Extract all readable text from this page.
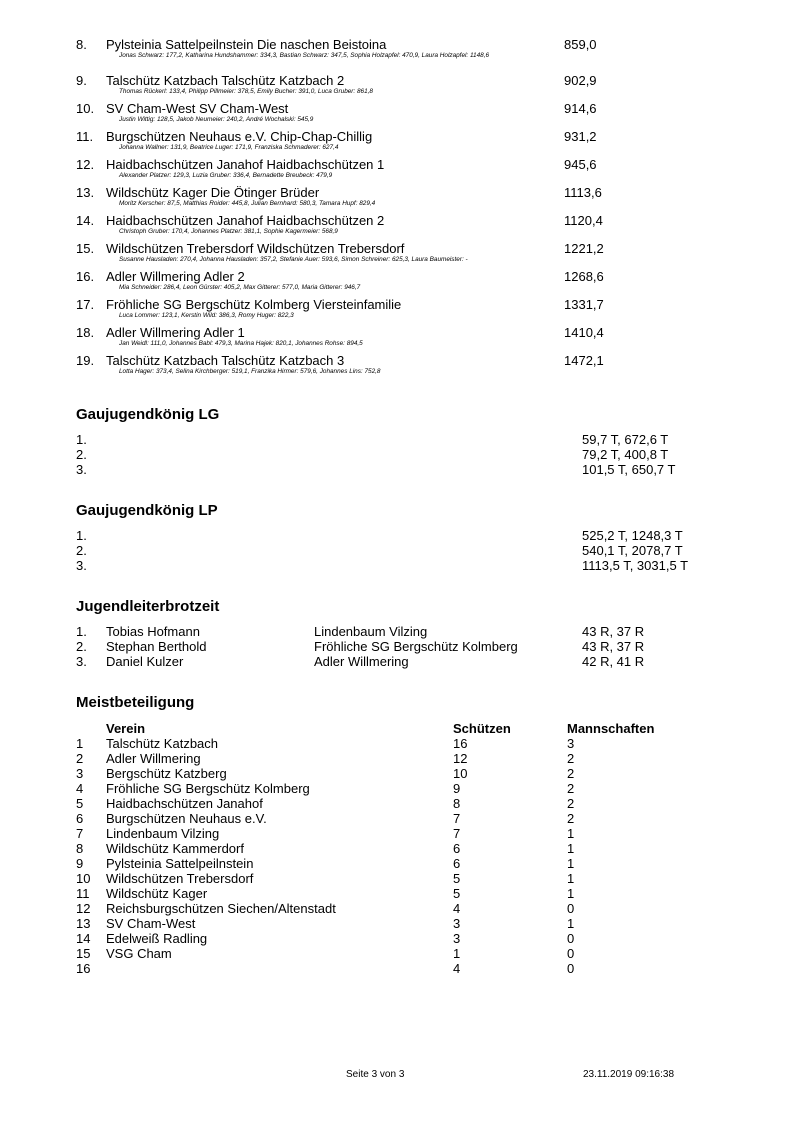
8. Pylsteinia Sattelpeilnstein Die naschen Beistoina	859,0
Jonas Schwarz: 177,2, Katharina Hundshammer: 334,3, Bastian Schwarz: 347,5, Sophia Holzapfel: 470,9, Laura Holzapfel: 1148,6
9. Talschütz Katzbach Talschütz Katzbach 2	902,9
Thomas Rückerl: 133,4, Philipp Pillmeier: 378,5, Emily Bucher: 391,0, Luca Gruber: 861,8
10. SV Cham-West SV Cham-West	914,6
Justin Wittig: 128,5, Jakob Neumeier: 240,2, André Wochalski: 545,9
11. Burgschützen Neuhaus e.V. Chip-Chap-Chillig	931,2
Johanna Wallner: 131,9, Beatrice Luger: 171,9, Franziska Schmaderer: 627,4
12. Haidbachschützen Janahof Haidbachschützen 1	945,6
Alexander Platzer: 129,3, Luzia Gruber: 336,4, Bernadette Breubeck: 479,9
13. Wildschütz Kager Die Ötinger Brüder	1113,6
Moritz Kerscher: 87,5, Matthias Roider: 445,8, Julian Bernhard: 580,3, Tamara Hupf: 829,4
14. Haidbachschützen Janahof Haidbachschützen 2	1120,4
Christoph Gruber: 170,4, Johannes Platzer: 381,1, Sophie Kagermeier: 568,9
15. Wildschützen Trebersdorf Wildschützen Trebersdorf	1221,2
Susanne Hausladen: 270,4, Johanna Hausladen: 357,2, Stefanie Auer: 593,6, Simon Schreiner: 625,3, Laura Baumeister: -
16. Adler Willmering Adler 2	1268,6
Mia Schneider: 286,4, Leon Gürster: 405,2, Max Gitterer: 577,0, Maria Gitterer: 946,7
17. Fröhliche SG Bergschütz Kolmberg Viersteinfamilie	1331,7
Luca Lommer: 123,1, Kerstin Wild: 386,3, Romy Huger: 822,3
18. Adler Willmering Adler 1	1410,4
Jan Weidl: 111,0, Johannes Babl: 479,3, Marina Hajek: 820,1, Johannes Rohse: 894,5
19. Talschütz Katzbach Talschütz Katzbach 3	1472,1
Lotta Hager: 373,4, Selina Kirchberger: 519,1, Franzika Hirmer: 579,6, Johannes Lins: 752,8
Gaujugendkönig LG
1.	59,7 T, 672,6 T
2.	79,2 T, 400,8 T
3.	101,5 T, 650,7 T
Gaujugendkönig LP
1.	525,2 T, 1248,3 T
2.	540,1 T, 2078,7 T
3.	1113,5 T, 3031,5 T
Jugendleiterbrotzeit
1. Tobias Hofmann	Lindenbaum Vilzing	43 R, 37 R
2. Stephan Berthold	Fröhliche SG Bergschütz Kolmberg	43 R, 37 R
3. Daniel Kulzer	Adler Willmering	42 R, 41 R
Meistbeteiligung
Verein	Schützen	Mannschaften
1 Talschütz Katzbach	16	3
2 Adler Willmering	12	2
3 Bergschütz Katzberg	10	2
4 Fröhliche SG Bergschütz Kolmberg	9	2
5 Haidbachschützen Janahof	8	2
6 Burgschützen Neuhaus e.V.	7	2
7 Lindenbaum Vilzing	7	1
8 Wildschütz Kammerdorf	6	1
9 Pylsteinia Sattelpeilnstein	6	1
10 Wildschützen Trebersdorf	5	1
11 Wildschütz Kager	5	1
12 Reichsburgschützen Siechen/Altenstadt	4	0
13 SV Cham-West	3	1
14 Edelweiß Radling	3	0
15 VSG Cham	1	0
16	4	0
Seite 3 von 3	23.11.2019 09:16:38
